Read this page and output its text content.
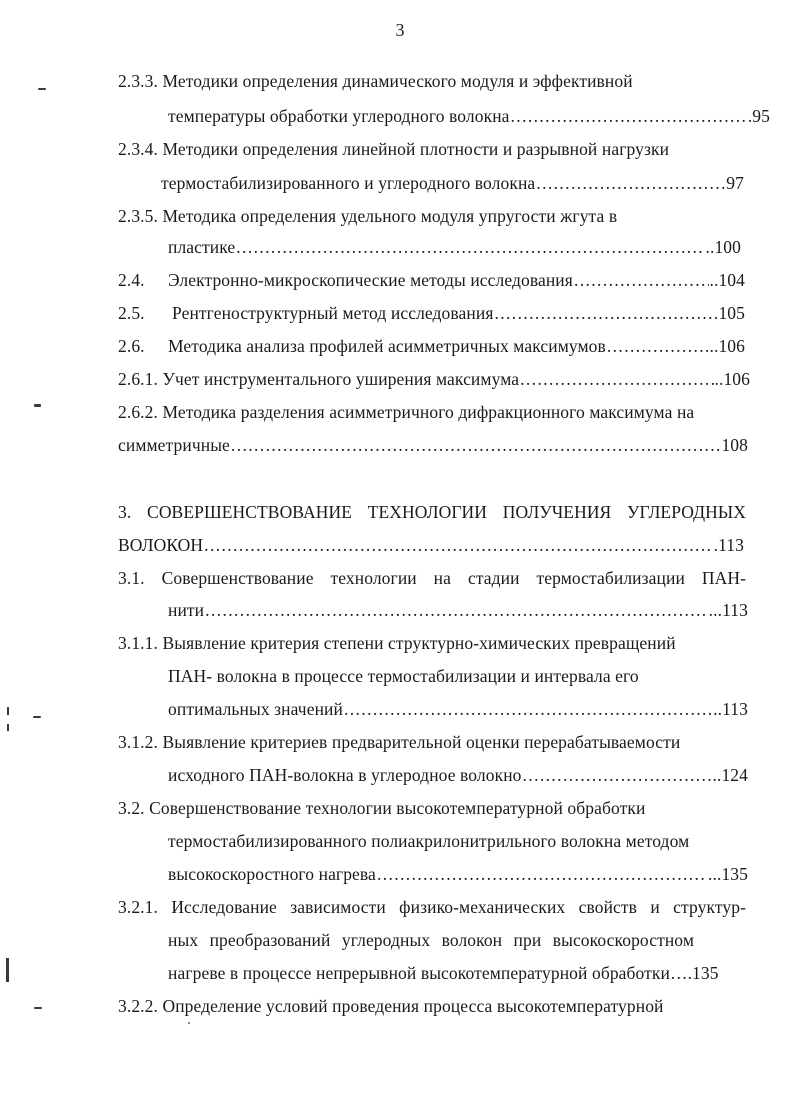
3
2.3.3. Методики определения динамического модуля и эффективной
температуры обработки углеродного волокна .....	.95
2.3.4. Методики определения линейной плотности и разрывной нагрузки
термостабилизированного и углеродного волокна .....	97
2.3.5. Методика определения удельного модуля упругости жгута в
пластике .....	..100
2.4. Электронно-микроскопические методы исследования .....	..104
2.5. Рентгеноструктурный метод исследования .....	105
2.6. Методика анализа профилей асимметричных максимумов .....	...106
2.6.1. Учет инструментального уширения максимума .....	..106
2.6.2. Методика разделения асимметричного дифракционного максимума на
симметричные .....	108
3. СОВЕРШЕНСТВОВАНИЕ ТЕХНОЛОГИИ ПОЛУЧЕНИЯ УГЛЕРОДНЫХ
ВОЛОКОН .....	.113
3.1. Совершенствование технологии на стадии термостабилизации ПАН-
нити .....	...113
3.1.1. Выявление критерия степени структурно-химических превращений
ПАН- волокна в процессе термостабилизации и интервала его
оптимальных значений .....	..113
3.1.2. Выявление критериев предварительной оценки перерабатываемости
исходного ПАН-волокна в углеродное волокно .....	..124
3.2. Совершенствование технологии высокотемпературной обработки
термостабилизированного полиакрилонитрильного волокна методом
высокоскоростного нагрева .....	...135
3.2.1. Исследование зависимости физико-механических свойств и структур-
ных преобразований углеродных волокон при высокоскоростном
нагреве в процессе непрерывной высокотемпературной обработки ….135
3.2.2. Определение условий проведения процесса высокотемпературной
